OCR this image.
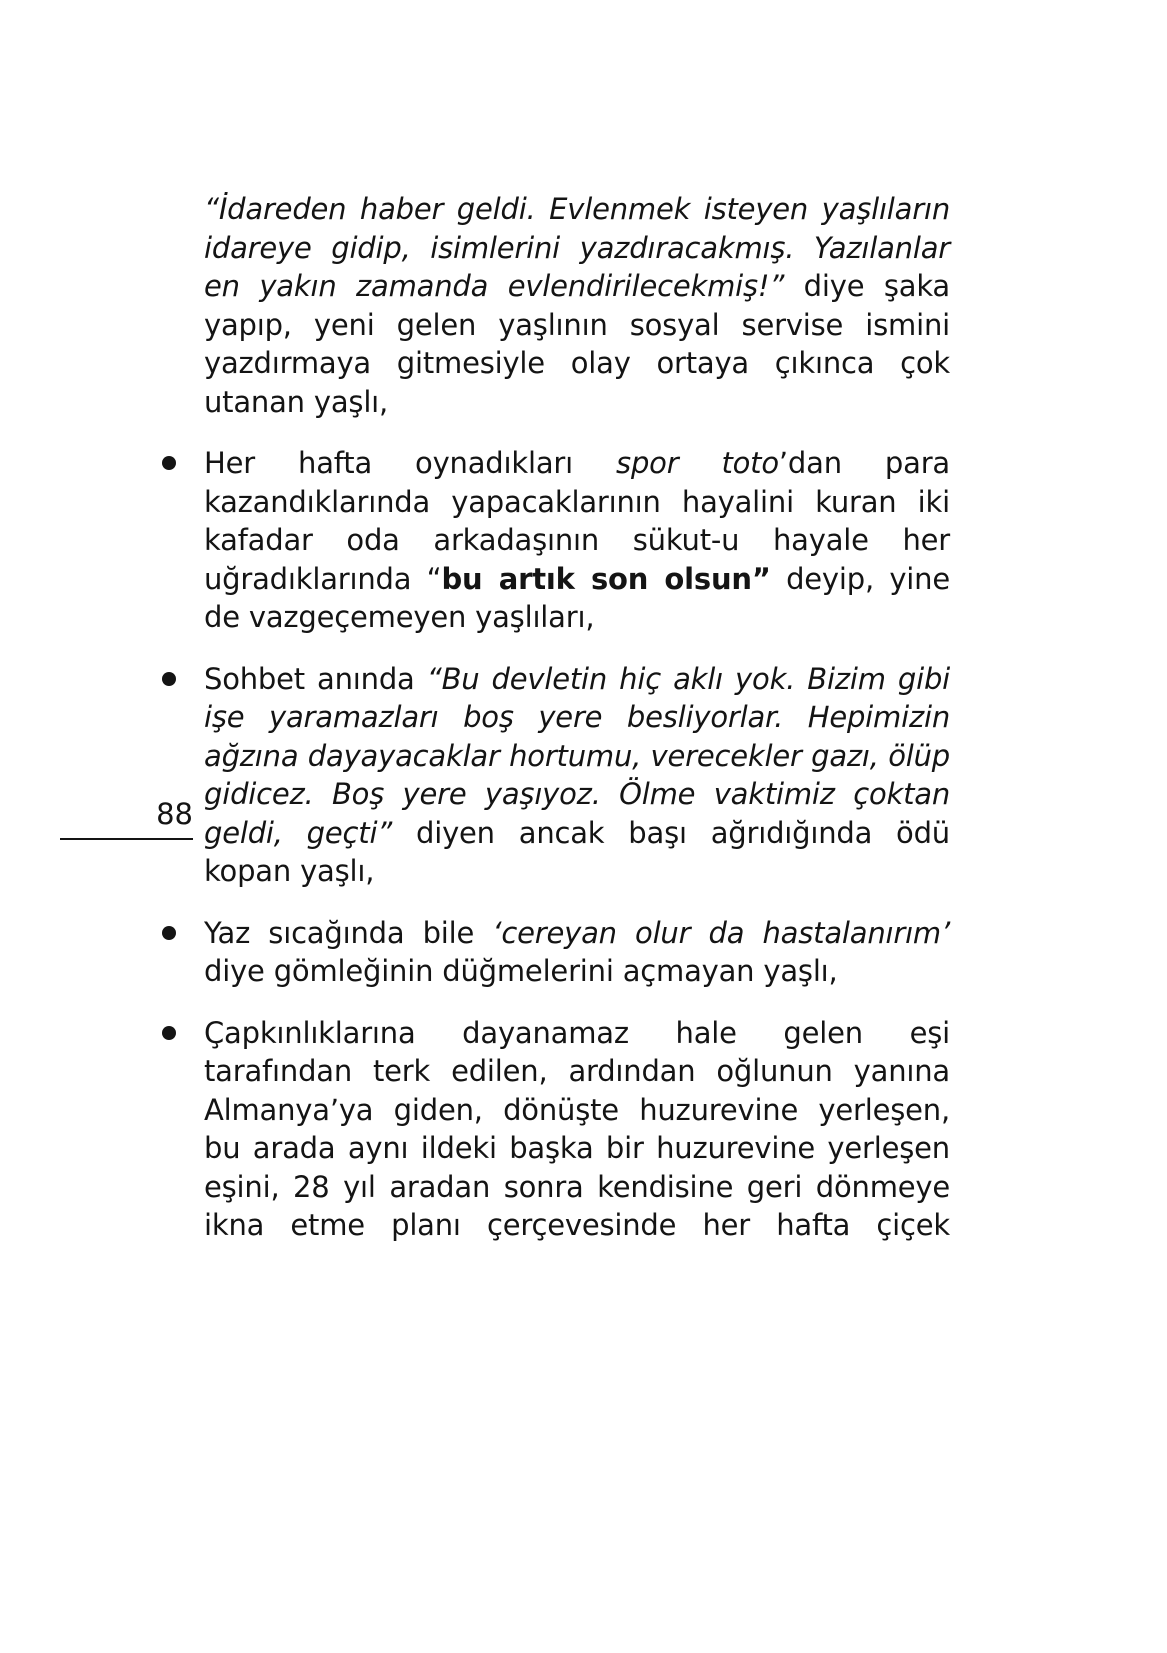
88
“İdareden haber geldi. Evlenmek isteyen yaşlıların idareye gidip, isimlerini yazdıracakmış. Yazılanlar en yakın zamanda evlendirilecekmiş!” diye şaka yapıp, yeni gelen yaşlının sosyal servise ismini yazdırmaya gitmesiyle olay ortaya çıkınca çok utanan yaşlı,
Her hafta oynadıkları spor toto’dan para kazandıklarında yapacaklarının hayalini kuran iki kafadar oda arkadaşının sükut-u hayale her uğradıklarında “bu artık son olsun” deyip, yine de vazgeçemeyen yaşlıları,
Sohbet anında “Bu devletin hiç aklı yok. Bizim gibi işe yaramazları boş yere besliyorlar. Hepimizin ağzına dayayacaklar hortumu, verecekler gazı, ölüp gidicez. Boş yere yaşıyoz. Ölme vaktimiz çoktan geldi, geçti” diyen ancak başı ağrıdığında ödü kopan yaşlı,
Yaz sıcağında bile ‘cereyan olur da hastalanırım’ diye gömleğinin düğmelerini açmayan yaşlı,
Çapkınlıklarına dayanamaz hale gelen eşi tarafından terk edilen, ardından oğlunun yanına Almanya’ya giden, dönüşte huzurevine yerleşen, bu arada aynı ildeki başka bir huzurevine yerleşen eşini, 28 yıl aradan sonra kendisine geri dönmeye ikna etme planı çerçevesinde her hafta çiçek
